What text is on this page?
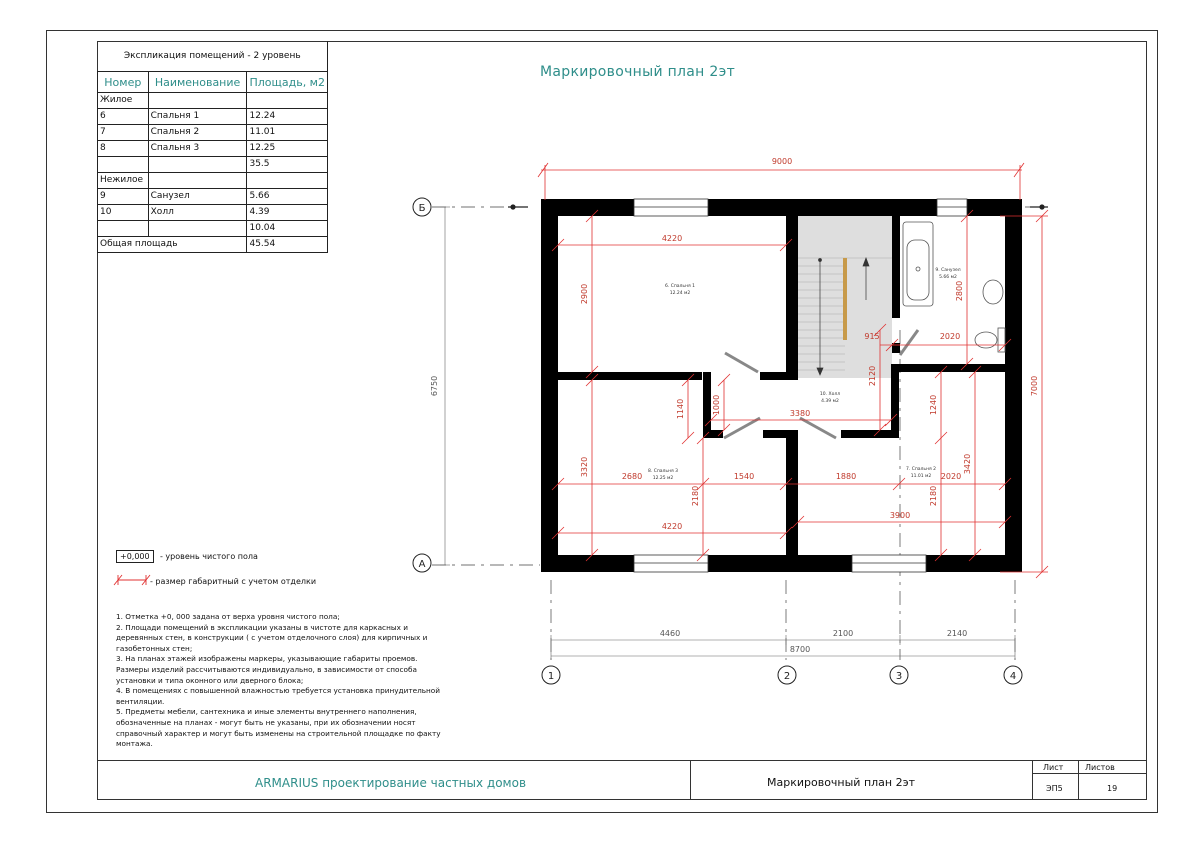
Экспликация помещений - 2 уровень		
Номер	Наименование	Площадь, м2
Жилое		
6	Спальня 1	12.24
7	Спальня 2	11.01
8	Спальня 3	12.25
		35.5
Нежилое		
9	Санузел	5.66
10	Холл	4.39
		10.04
Общая площадь		45.54
Маркировочный план 2эт
Б
А
1	2	3	4
6750
4460	2100	2140
8700
6. Спальня 1
12.24 м2
9. Санузел
5.66 м2
10. Холл
4.39 м2
8. Спальня 3
12.25 м2
7. Спальня 2
11.01 м2
9000
7000
4220
2900	2800
915	2020
2120
3380
1140	1000
3320	2680	1540
2180
4220
1880	2020
1240
3420
2180
3900
+0,000	- уровень чистого пола
- размер габаритный с учетом отделки

1. Отметка +0, 000 задана от верха уровня чистого пола;

2. Площади помещений в экспликации указаны в чистоте для каркасных и деревянных стен, в конструкции ( с учетом отделочного слоя) для кирпичных и газобетонных стен;

3. На планах этажей изображены маркеры, указывающие габариты проемов. Размеры изделий рассчитываются индивидуально, в зависимости от способа установки и типа оконного или дверного блока;

4. В помещениях с повышенной влажностью требуется установка принудительной вентиляции.

5. Предметы мебели, сантехника и иные элементы внутреннего наполнения, обозначенные на планах - могут быть не указаны, при их обозначении носят справочный характер и могут быть изменены на строительной площадке по факту монтажа.

ARMARIUS проектирование частных домов	Маркировочный план 2эт
Лист	Листов
ЭП5	19
